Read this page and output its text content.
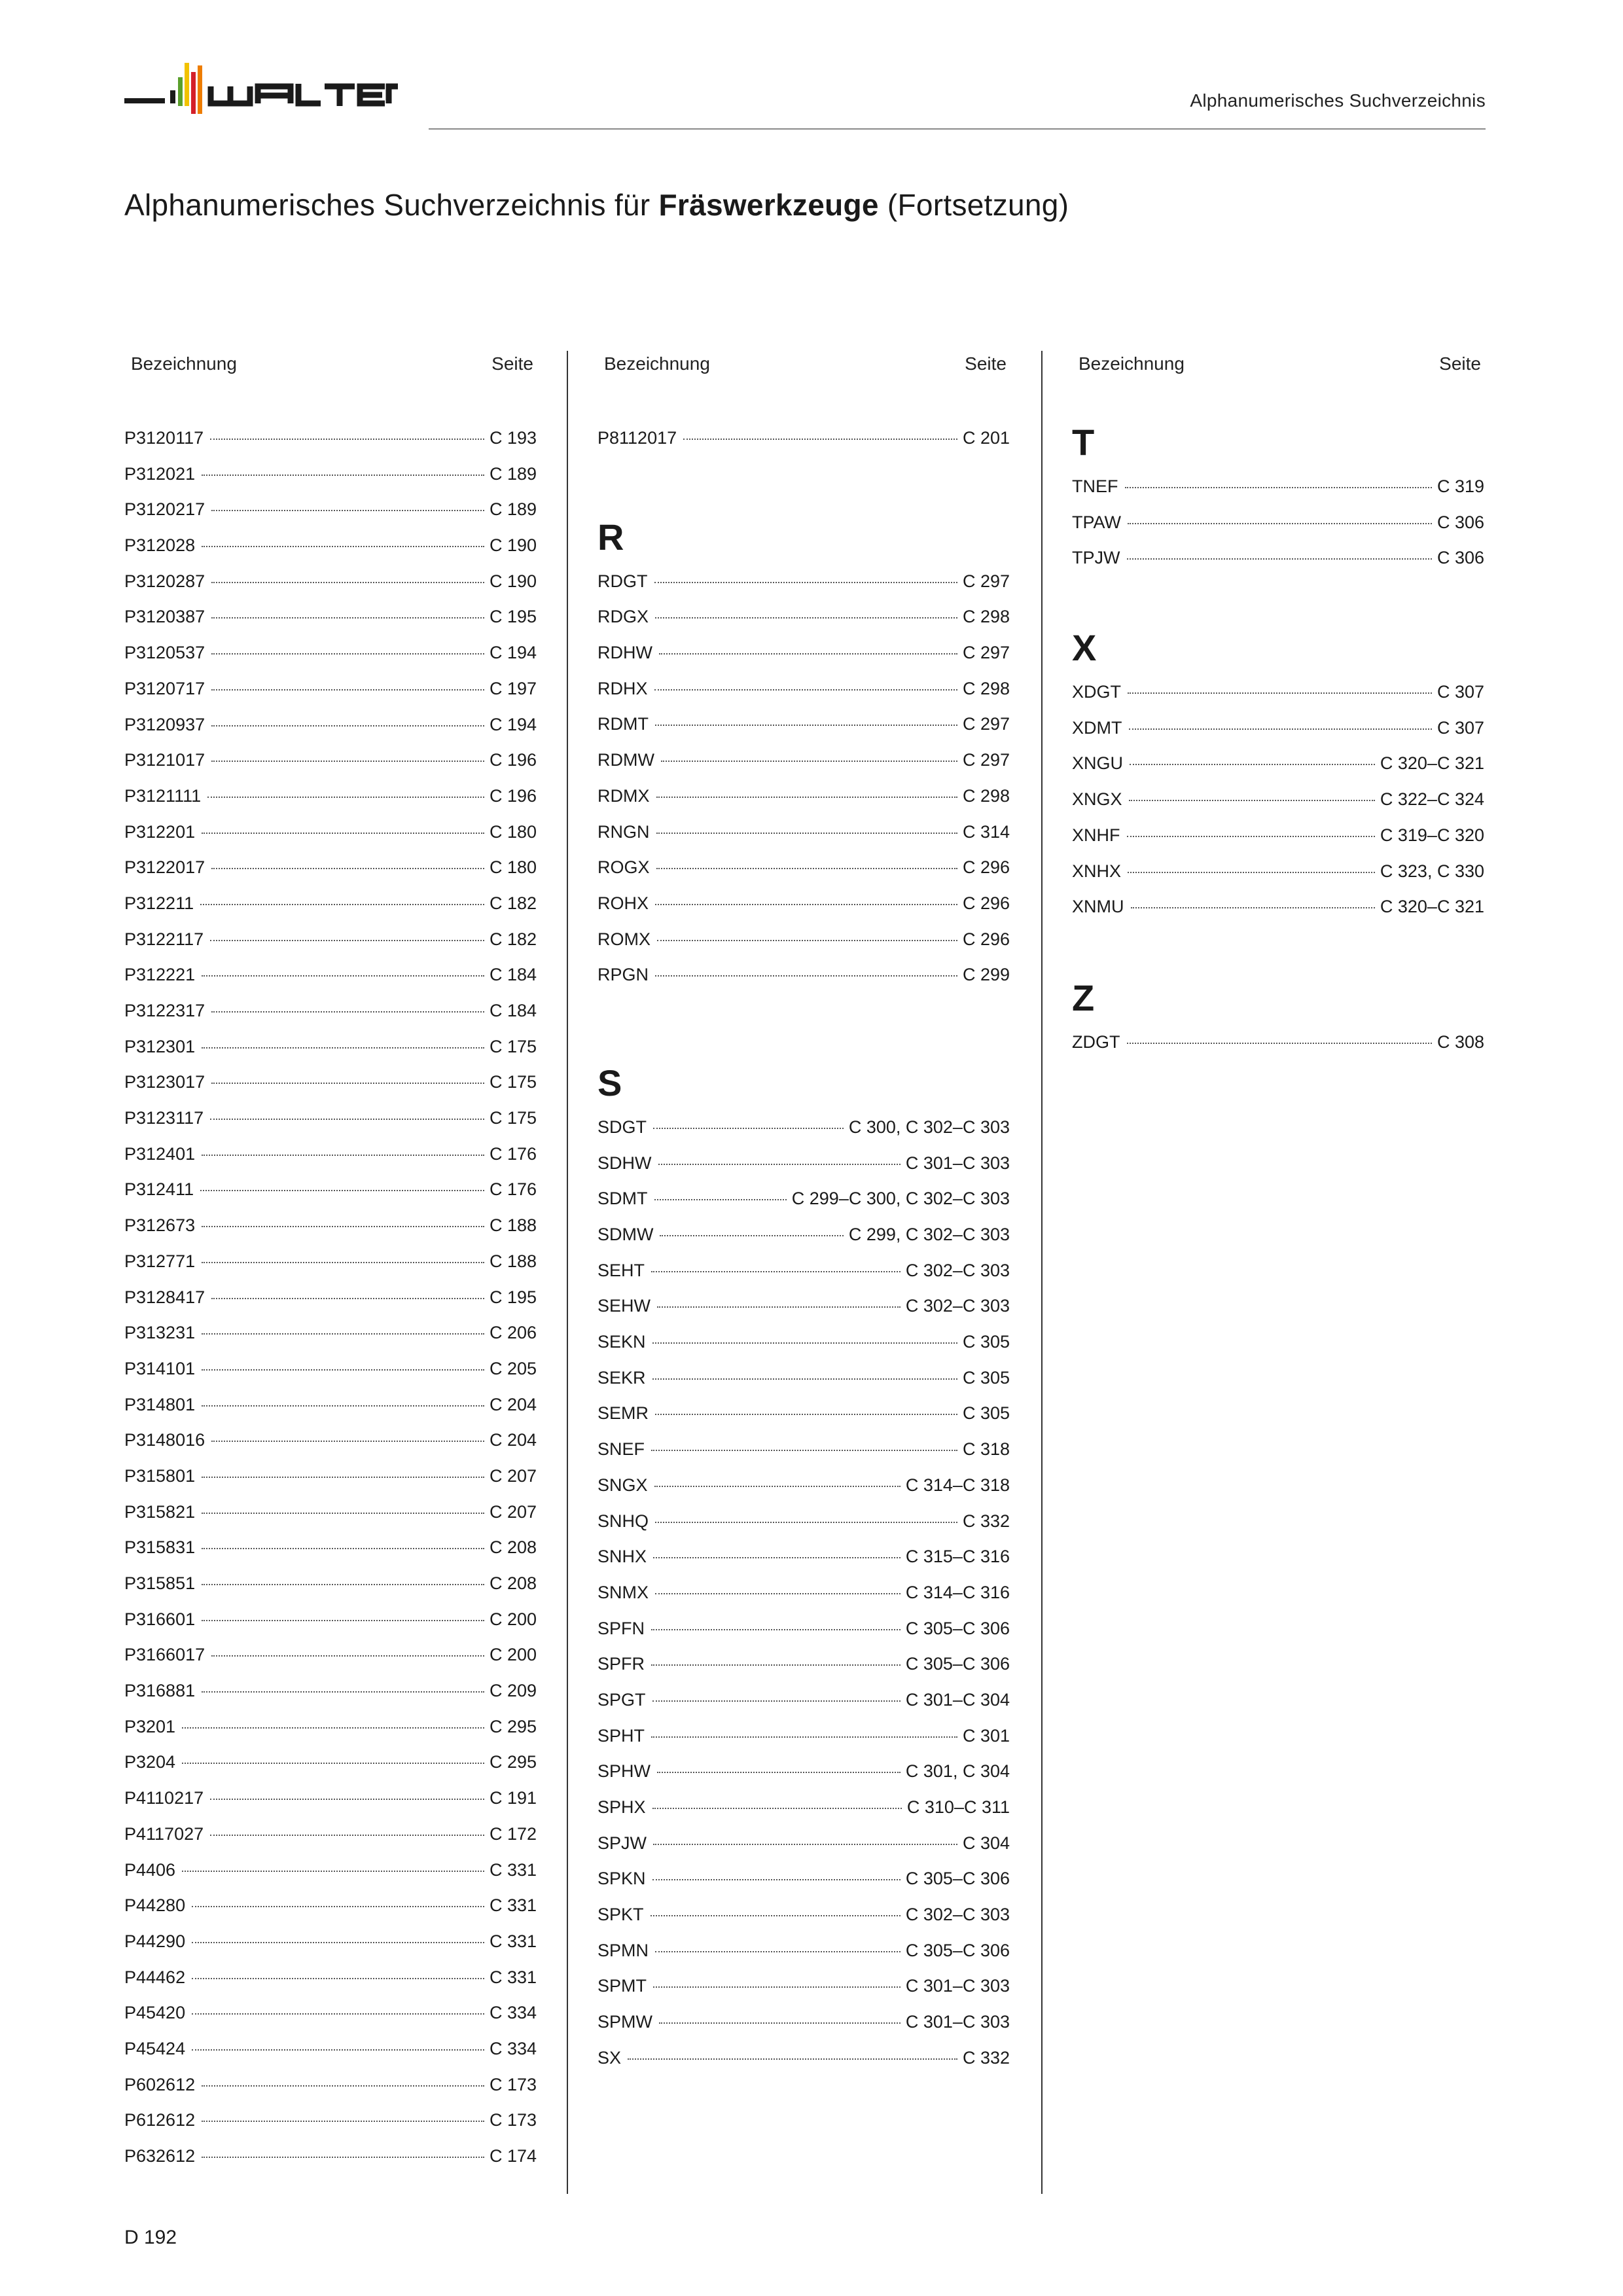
Alphanumerisches Suchverzeichnis
Alphanumerisches Suchverzeichnis für Fräswerkzeuge (Fortsetzung)
Bezeichnung	Seite
P3120117	C 193
P312021	C 189
P3120217	C 189
P312028	C 190
P3120287	C 190
P3120387	C 195
P3120537	C 194
P3120717	C 197
P3120937	C 194
P3121017	C 196
P3121111	C 196
P312201	C 180
P3122017	C 180
P312211	C 182
P3122117	C 182
P312221	C 184
P3122317	C 184
P312301	C 175
P3123017	C 175
P3123117	C 175
P312401	C 176
P312411	C 176
P312673	C 188
P312771	C 188
P3128417	C 195
P313231	C 206
P314101	C 205
P314801	C 204
P3148016	C 204
P315801	C 207
P315821	C 207
P315831	C 208
P315851	C 208
P316601	C 200
P3166017	C 200
P316881	C 209
P3201	C 295
P3204	C 295
P4110217	C 191
P4117027	C 172
P4406	C 331
P44280	C 331
P44290	C 331
P44462	C 331
P45420	C 334
P45424	C 334
P602612	C 173
P612612	C 173
P632612	C 174
Bezeichnung	Seite
P8112017	C 201
R
RDGT	C 297
RDGX	C 298
RDHW	C 297
RDHX	C 298
RDMT	C 297
RDMW	C 297
RDMX	C 298
RNGN	C 314
ROGX	C 296
ROHX	C 296
ROMX	C 296
RPGN	C 299
S
SDGT	C 300, C 302–C 303
SDHW	C 301–C 303
SDMT	C 299–C 300, C 302–C 303
SDMW	C 299, C 302–C 303
SEHT	C 302–C 303
SEHW	C 302–C 303
SEKN	C 305
SEKR	C 305
SEMR	C 305
SNEF	C 318
SNGX	C 314–C 318
SNHQ	C 332
SNHX	C 315–C 316
SNMX	C 314–C 316
SPFN	C 305–C 306
SPFR	C 305–C 306
SPGT	C 301–C 304
SPHT	C 301
SPHW	C 301, C 304
SPHX	C 310–C 311
SPJW	C 304
SPKN	C 305–C 306
SPKT	C 302–C 303
SPMN	C 305–C 306
SPMT	C 301–C 303
SPMW	C 301–C 303
SX	C 332
Bezeichnung	Seite
T
TNEF	C 319
TPAW	C 306
TPJW	C 306
X
XDGT	C 307
XDMT	C 307
XNGU	C 320–C 321
XNGX	C 322–C 324
XNHF	C 319–C 320
XNHX	C 323, C 330
XNMU	C 320–C 321
Z
ZDGT	C 308
D 192
